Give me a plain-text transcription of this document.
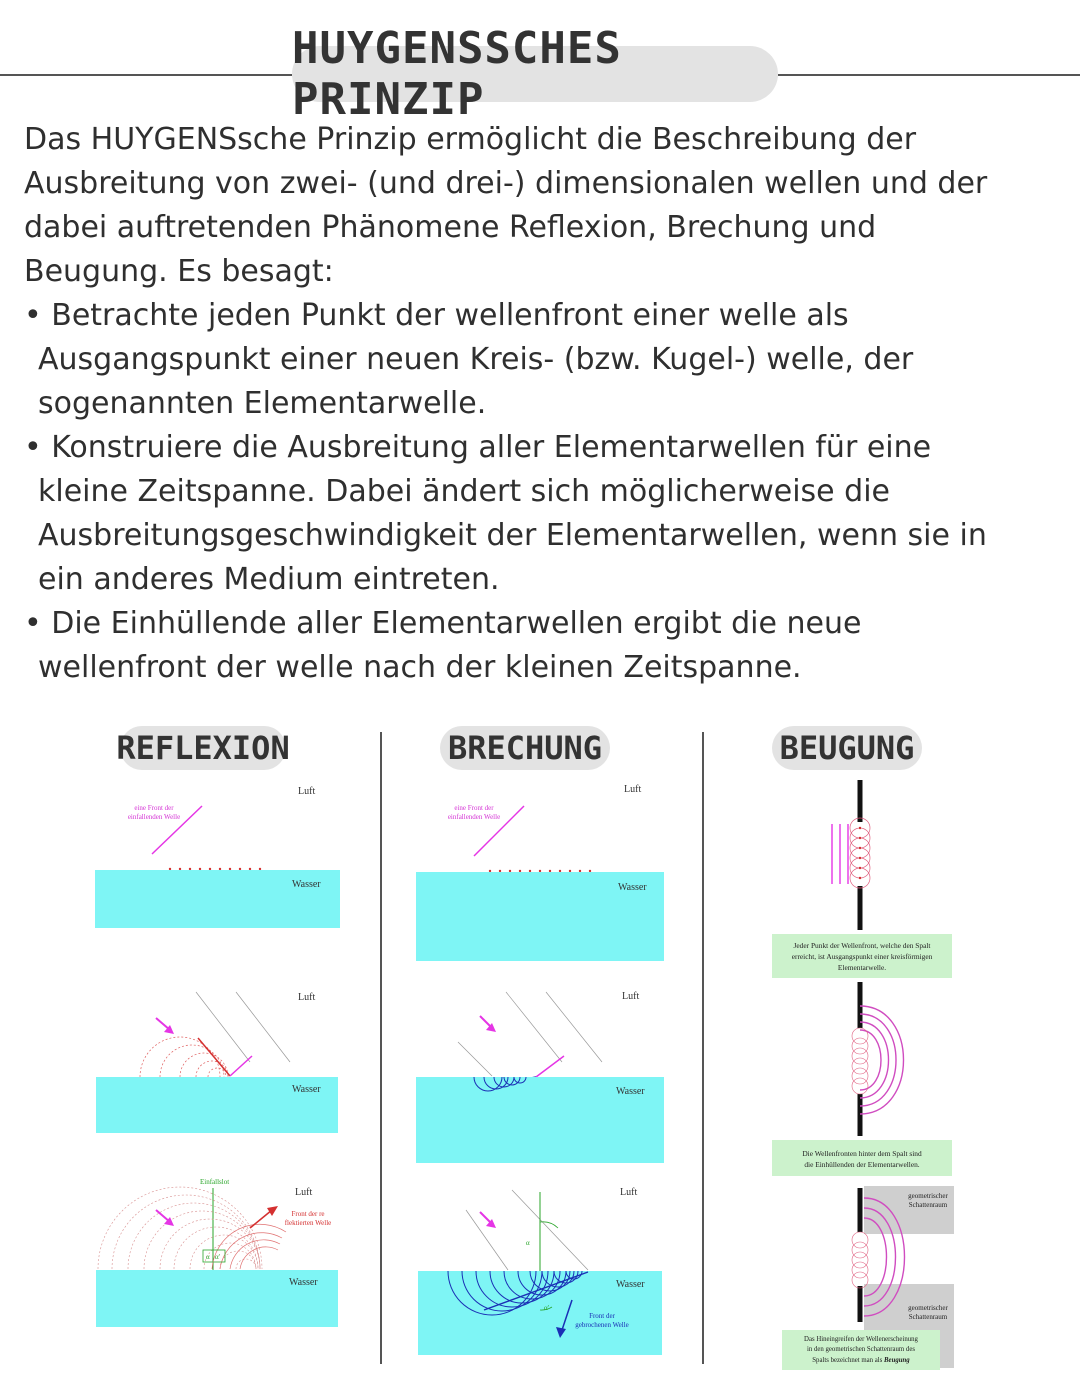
HUYGENSSCHES PRINZIP

Das HUYGENSsche Prinzip ermöglicht die Beschreibung der Ausbreitung von zwei- (und drei-) dimensionalen wellen und der dabei auftretenden Phänomene Reflexion, Brechung und Beugung. Es besagt:

• Betrachte jeden Punkt der wellenfront einer welle als Ausgangspunkt einer neuen Kreis- (bzw. Kugel-) welle, der sogenannten Elementarwelle.

• Konstruiere die Ausbreitung aller Elementarwellen für eine kleine Zeitspanne. Dabei ändert sich möglicherweise die Ausbreitungsgeschwindigkeit der Elementarwellen, wenn sie in ein anderes Medium eintreten.

• Die Einhüllende aller Elementarwellen ergibt die neue wellenfront der welle nach der kleinen Zeitspanne.

REFLEXION	BRECHUNG	BEUGUNG
Luft
eine Front der
einfallenden Welle
Wasser
Luft
Wasser
Luft
Einfallslot
Front der re
flektierten Welle
α α'
Wasser
Luft
eine Front der
einfallenden Welle
Wasser
Luft
Wasser
Luft
α
α'
Wasser
Front der
gebrochenen Welle
Jeder Punkt der Wellenfront, welche den Spalt
erreicht, ist Ausgangspunkt einer kreisförmigen
Elementarwelle.
Die Wellenfronten hinter dem Spalt sind
die Einhüllenden der Elementarwellen.
geometrischer
Schattenraum
geometrischer
Schattenraum
Das Hineingreifen der Wellenerscheinung
in den geometrischen Schattenraum des
Spalts bezeichnet man als Beugung
